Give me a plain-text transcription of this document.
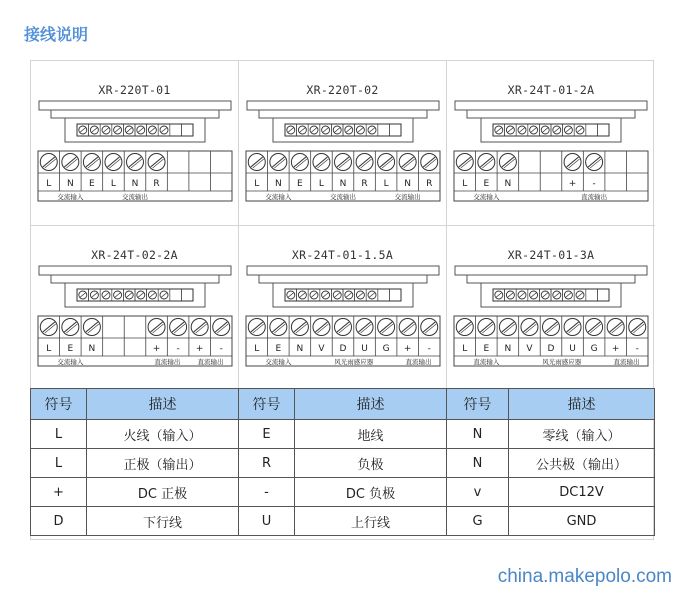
接线说明
XR-220T-01
L N E L N R
交流输入	交流输出
XR-220T-02
L N E L N R L N R
交流输入	交流输出	交流输出
XR-24T-01-2A
L E N	+ -
交流输入	直流输出
XR-24T-02-2A
L E N	+ - + -
交流输入	直流输出	直流输出
XR-24T-01-1.5A
L E N V D U G + -
交流输入	风光雨感应器	直流输出
XR-24T-01-3A
L E N V D U G + -
直流输入	风光雨感应器	直流输出
符号	描述	符号	描述	符号	描述
L	火线（输入）	E	地线	N	零线（输入）
L	正极（输出）	R	负极	N	公共极（输出）
+	DC 正极	-	DC 负极	v	DC12V
D	下行线	U	上行线	G	GND
china.makepolo.com
